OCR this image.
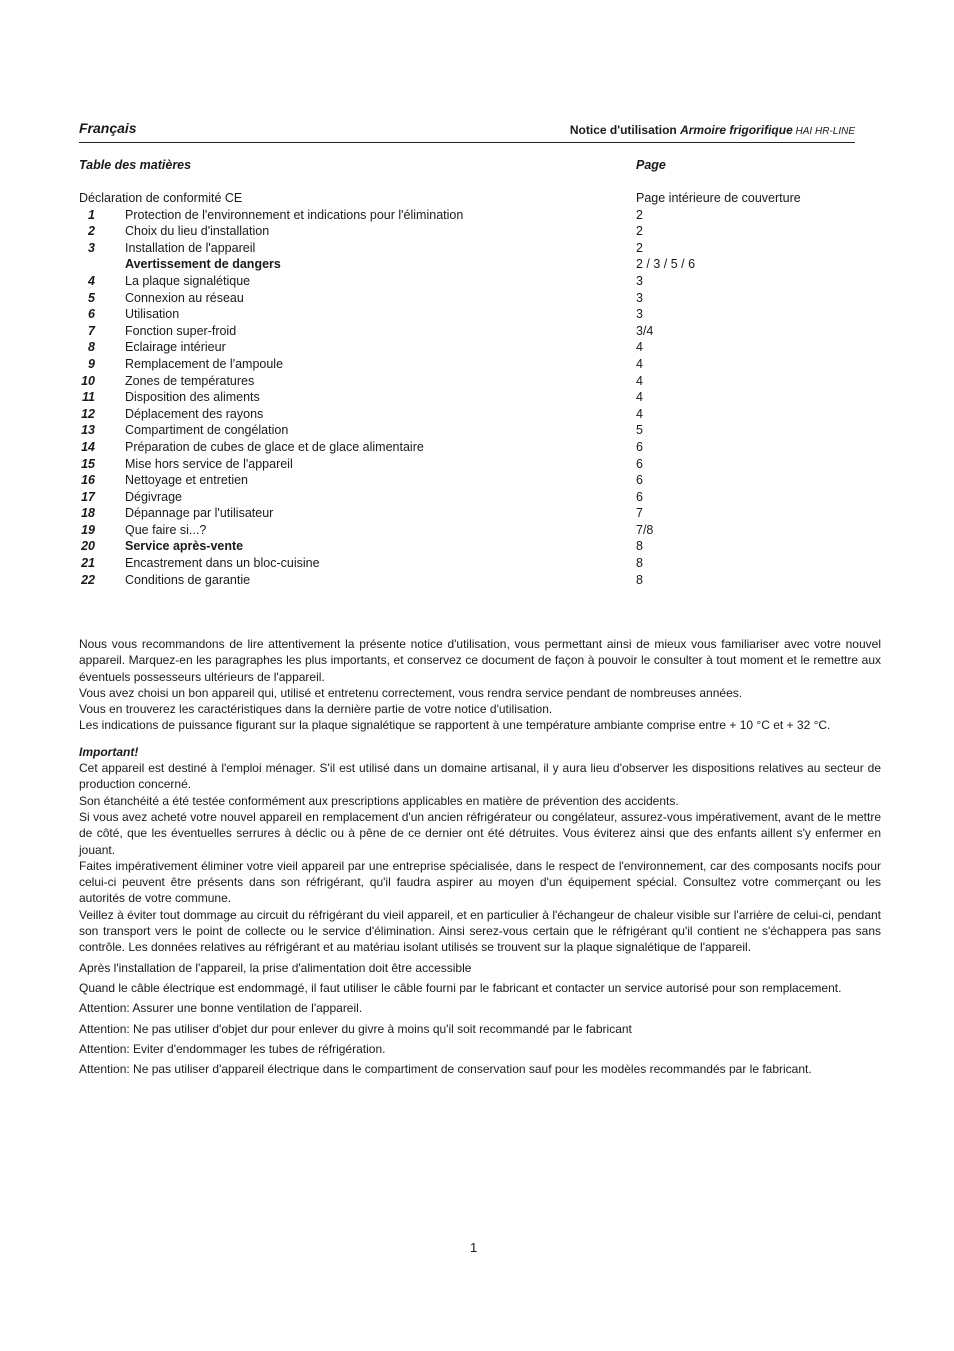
Français	Notice d'utilisation Armoire frigorifique HAI HR-LINE
Table des matières	Page
Déclaration de conformité CE	Page intérieure de couverture
1 Protection de l'environnement et indications pour l'élimination	2
2 Choix du lieu d'installation	2
3 Installation de l'appareil	2
Avertissement de dangers	2 / 3 / 5 / 6
4 La plaque signalétique	3
5 Connexion au réseau	3
6 Utilisation	3
7 Fonction super-froid	3/4
8 Eclairage intérieur	4
9 Remplacement de l'ampoule	4
10 Zones de températures	4
11 Disposition des aliments	4
12 Déplacement des rayons	4
13 Compartiment de congélation	5
14 Préparation de cubes de glace et de glace alimentaire	6
15 Mise hors service de l'appareil	6
16 Nettoyage et entretien	6
17 Dégivrage	6
18 Dépannage par l'utilisateur	7
19 Que faire si...?	7/8
20 Service après-vente	8
21 Encastrement dans un bloc-cuisine	8
22 Conditions de garantie	8

Nous vous recommandons de lire attentivement la présente notice d'utilisation, vous permettant ainsi de mieux vous familiariser avec votre nouvel appareil. Marquez-en les paragraphes les plus importants, et conservez ce document de façon à pouvoir le consulter à tout moment et le remettre aux éventuels possesseurs ultérieurs de l'appareil.

Vous avez choisi un bon appareil qui, utilisé et entretenu correctement, vous rendra service pendant de nombreuses années.

Vous en trouverez les caractéristiques dans la dernière partie de votre notice d'utilisation.

Les indications de puissance figurant sur la plaque signalétique se rapportent à une température ambiante comprise entre + 10 °C et + 32 °C.

Important!

Cet appareil est destiné à l'emploi ménager. S'il est utilisé dans un domaine artisanal, il y aura lieu d'observer les dispositions relatives au secteur de production concerné.

Son étanchéité a été testée conformément aux prescriptions applicables en matière de prévention des accidents.

Si vous avez acheté votre nouvel appareil en remplacement d'un ancien réfrigérateur ou congélateur, assurez-vous impérativement, avant de le mettre de côté, que les éventuelles serrures à déclic ou à pêne de ce dernier ont été détruites. Vous éviterez ainsi que des enfants aillent s'y enfermer en jouant.

Faites impérativement éliminer votre vieil appareil par une entreprise spécialisée, dans le respect de l'environnement, car des composants nocifs pour celui-ci peuvent être présents dans son réfrigérant, qu'il faudra aspirer au moyen d'un équipement spécial. Consultez votre commerçant ou les autorités de votre commune.

Veillez à éviter tout dommage au circuit du réfrigérant du vieil appareil, et en particulier à l'échangeur de chaleur visible sur l'arrière de celui-ci, pendant son transport vers le point de collecte ou le service d'élimination. Ainsi serez-vous certain que le réfrigérant qu'il contient ne s'échappera pas sans contrôle. Les données relatives au réfrigérant et au matériau isolant utilisés se trouvent sur la plaque signalétique de l'appareil.

Après l'installation de l'appareil, la prise d'alimentation doit être accessible

Quand le câble électrique est endommagé, il faut utiliser le câble fourni par le fabricant et contacter un service autorisé pour son remplacement.

Attention: Assurer une bonne ventilation de l'appareil.

Attention: Ne pas utiliser d'objet dur pour enlever du givre à moins qu'il soit recommandé par le fabricant

Attention: Eviter d'endommager les tubes de réfrigération.

Attention: Ne pas utiliser d'appareil électrique dans le compartiment de conservation sauf pour les modèles recommandés par le fabricant.

1
